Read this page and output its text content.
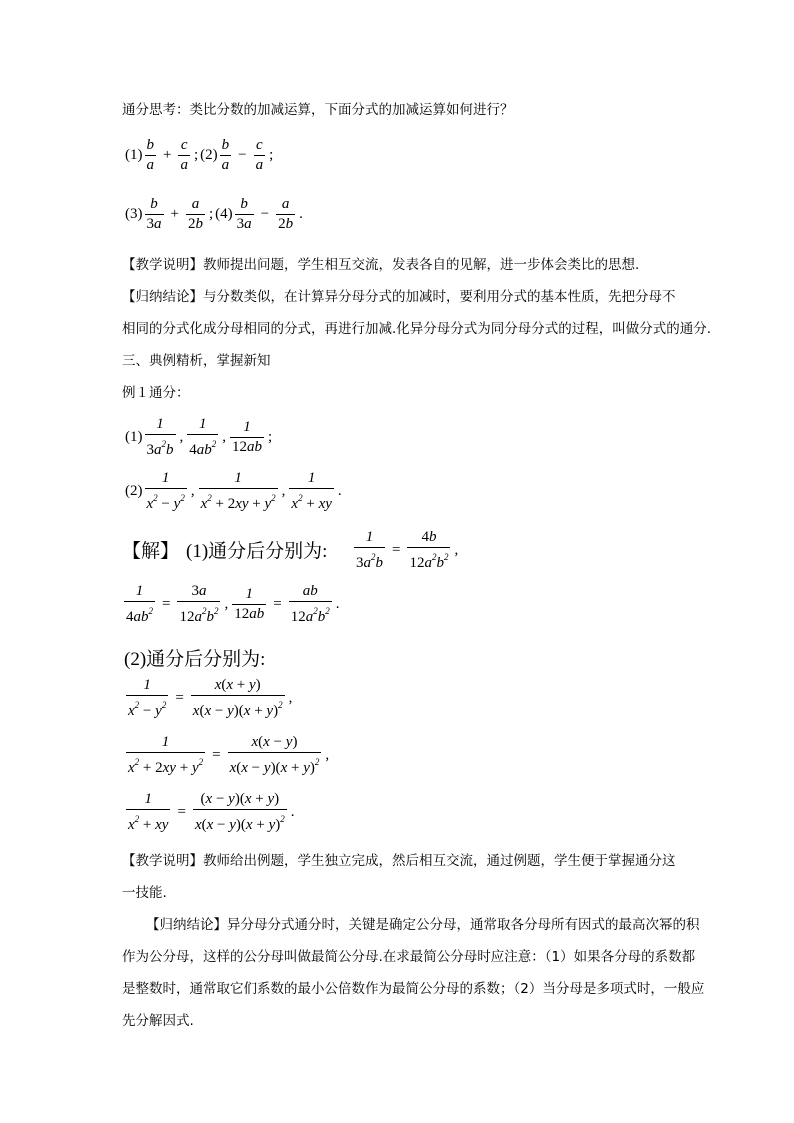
通分思考：类比分数的加减运算，下面分式的加减运算如何进行？
$(1) \frac{b}{a} + \frac{c}{a}$ ; $(2) \frac{b}{a} - \frac{c}{a}$ ;
$(3) \frac{b}{3a} + \frac{a}{2b}$ ; $(4) \frac{b}{3a} - \frac{a}{2b}$ .
【教学说明】教师提出问题，学生相互交流，发表各自的见解，进一步体会类比的思想.
【归纳结论】与分数类似，在计算异分母分式的加减时，要利用分式的基本性质，先把分母不
相同的分式化成分母相同的分式，再进行加减.化异分母分式为同分母分式的过程，叫做分式的通分.
三、典例精析，掌握新知
例１通分：
$(1) \frac{1}{3a^2b}$ , $\frac{1}{4ab^2}$ , $\frac{1}{12ab}$ ;
$(2) \frac{1}{x^2 - y^2}$ , $\frac{1}{x^2 + 2xy + y^2}$ , $\frac{1}{x^2 + xy}$ .
【解】 (1)通分后分别为: $\frac{1}{3a^2b} = \frac{4b}{12a^2b^2}$ ,
$\frac{1}{4ab^2} = \frac{3a}{12a^2b^2}$ , $\frac{1}{12ab} = \frac{ab}{12a^2b^2}$ .
(2)通分后分别为:
$\frac{1}{x^2 - y^2} = \frac{x(x + y)}{x(x - y)(x + y)^2}$ ,
$\frac{1}{x^2 + 2xy + y^2} = \frac{x(x - y)}{x(x - y)(x + y)^2}$ ,
$\frac{1}{x^2 + xy} = \frac{(x - y)(x + y)}{x(x - y)(x + y)^2}$ .
【教学说明】教师给出例题，学生独立完成，然后相互交流，通过例题，学生便于掌握通分这
一技能.
【归纳结论】异分母分式通分时，关键是确定公分母，通常取各分母所有因式的最高次幂的积
作为公分母，这样的公分母叫做最简公分母.在求最简公分母时应注意：（1）如果各分母的系数都
是整数时，通常取它们系数的最小公倍数作为最简公分母的系数；（2）当分母是多项式时，一般应
先分解因式.
